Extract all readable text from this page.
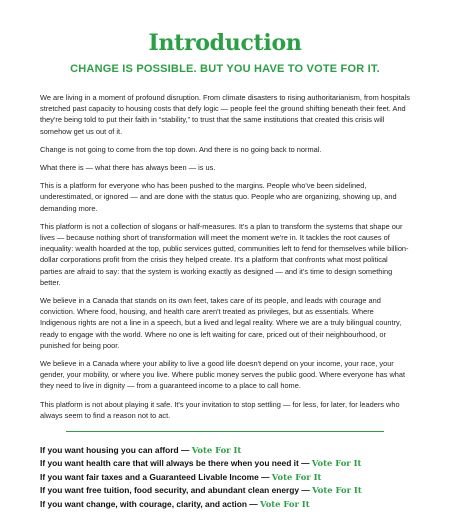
Introduction
CHANGE IS POSSIBLE. BUT YOU HAVE TO VOTE FOR IT.

We are living in a moment of profound disruption. From climate disasters to rising authoritarianism, from hospitals stretched past capacity to housing costs that defy logic — people feel the ground shifting beneath their feet. And they're being told to put their faith in “stability,” to trust that the same institutions that created this crisis will somehow get us out of it.

Change is not going to come from the top down. And there is no going back to normal.

What there is — what there has always been — is us.

This is a platform for everyone who has been pushed to the margins. People who've been sidelined, underestimated, or ignored — and are done with the status quo. People who are organizing, showing up, and demanding more.

This platform is not a collection of slogans or half-measures. It's a plan to transform the systems that shape our lives — because nothing short of transformation will meet the moment we're in. It tackles the root causes of inequality: wealth hoarded at the top, public services gutted, communities left to fend for themselves while billion-dollar corporations profit from the crisis they helped create. It's a platform that confronts what most political parties are afraid to say: that the system is working exactly as designed — and it's time to design something better.

We believe in a Canada that stands on its own feet, takes care of its people, and leads with courage and conviction. Where food, housing, and health care aren't treated as privileges, but as essentials. Where Indigenous rights are not a line in a speech, but a lived and legal reality. Where we are a truly bilingual country, ready to engage with the world. Where no one is left waiting for care, priced out of their neighbourhood, or punished for being poor.

We believe in a Canada where your ability to live a good life doesn't depend on your income, your race, your gender, your mobility, or where you live. Where public money serves the public good. Where everyone has what they need to live in dignity — from a guaranteed income to a place to call home.

This platform is not about playing it safe. It's your invitation to stop settling — for less, for later, for leaders who always seem to find a reason not to act.

If you want housing you can afford — Vote For It
If you want health care that will always be there when you need it — Vote For It
If you want fair taxes and a Guaranteed Livable Income — Vote For It
If you want free tuition, food security, and abundant clean energy — Vote For It
If you want change, with courage, clarity, and action — Vote For It
